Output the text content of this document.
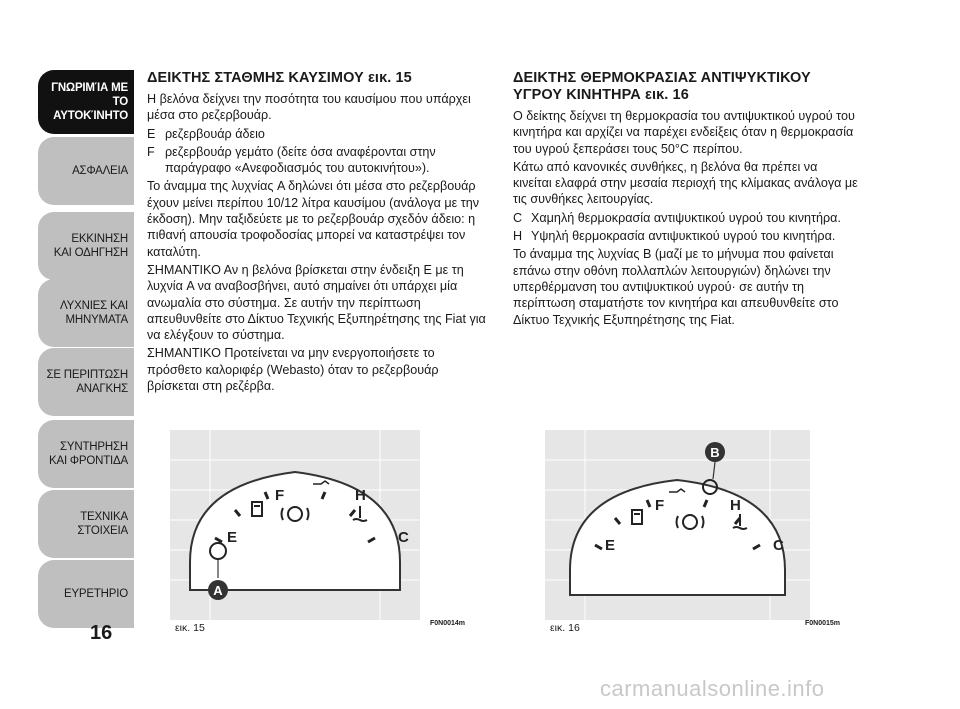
ΓΝΩΡΙΜΊΑ ΜΕ
ΤΟ ΑΥΤΟΚΊΝΗΤΟ
ΑΣΦΑΛΕΙΑ
ΕΚΚΙΝΗΣΗ
ΚΑΙ ΟΔΗΓΗΣΗ
ΛΥΧΝΙΕΣ ΚΑΙ
ΜΗΝΥΜΑΤΑ
ΣΕ ΠΕΡΙΠΤΩΣΗ
ΑΝΑΓΚΗΣ
ΣΥΝΤΗΡΗΣΗ
ΚΑΙ ΦΡΟΝΤΙΔΑ
ΤΕΧΝΙΚΑ
ΣΤΟΙΧΕΙΑ
ΕΥΡΕΤΗΡΙΟ
16
ΔΕΙΚΤΗΣ ΣΤΑΘΜΗΣ ΚΑΥΣΙΜΟΥ εικ. 15

Η βελόνα δείχνει την ποσότητα του καυσίμου που υπάρχει μέσα στο ρεζερβουάρ.

E ρεζερβουάρ άδειο
F ρεζερβουάρ γεμάτο (δείτε όσα αναφέρονται στην παράγραφο «Ανεφοδιασμός του αυτοκινήτου»).

Το άναμμα της λυχνίας A δηλώνει ότι μέσα στο ρεζερβουάρ έχουν μείνει περίπου 10/12 λίτρα καυσίμου (ανάλογα με την έκδοση). Μην ταξιδεύετε με το ρεζερβουάρ σχεδόν άδειο: η πιθανή απουσία τροφοδοσίας μπορεί να καταστρέψει τον καταλύτη.

ΣΗΜΑΝΤΙΚΟ Αν η βελόνα βρίσκεται στην ένδειξη E με τη λυχνία A να αναβοσβήνει, αυτό σημαίνει ότι υπάρχει μία ανωμαλία στο σύστημα. Σε αυτήν την περίπτωση απευθυνθείτε στο Δίκτυο Τεχνικής Εξυπηρέτησης της Fiat για να ελέγξουν το σύστημα.

ΣΗΜΑΝΤΙΚΟ Προτείνεται να μην ενεργοποιήσετε το πρόσθετο καλοριφέρ (Webasto) όταν το ρεζερβουάρ βρίσκεται στη ρεζέρβα.

ΔΕΙΚΤΗΣ ΘΕΡΜΟΚΡΑΣΙΑΣ ΑΝΤΙΨΥΚΤΙΚΟΥ ΥΓΡΟΥ ΚΙΝΗΤΗΡΑ εικ. 16

Ο δείκτης δείχνει τη θερμοκρασία του αντιψυκτικού υγρού του κινητήρα και αρχίζει να παρέχει ενδείξεις όταν η θερμοκρασία του υγρού ξεπεράσει τους 50°C περίπου.

Κάτω από κανονικές συνθήκες, η βελόνα θα πρέπει να κινείται ελαφρά στην μεσαία περιοχή της κλίμακας ανάλογα με τις συνθήκες λειτουργίας.

C Χαμηλή θερμοκρασία αντιψυκτικού υγρού του κινητήρα.
H Υψηλή θερμοκρασία αντιψυκτικού υγρού του κινητήρα.

Το άναμμα της λυχνίας B (μαζί με το μήνυμα που φαίνεται επάνω στην οθόνη πολλαπλών λειτουργιών) δηλώνει την υπερθέρμανση του αντιψυκτικού υγρού· σε αυτήν τη περίπτωση σταματήστε τον κινητήρα και απευθυνθείτε στο Δίκτυο Τεχνικής Εξυπηρέτησης της Fiat.

E
F	H
C
A
εικ. 15	F0N0014m
E
F	H
C
B
εικ. 16	F0N0015m
carmanualsonline.info
